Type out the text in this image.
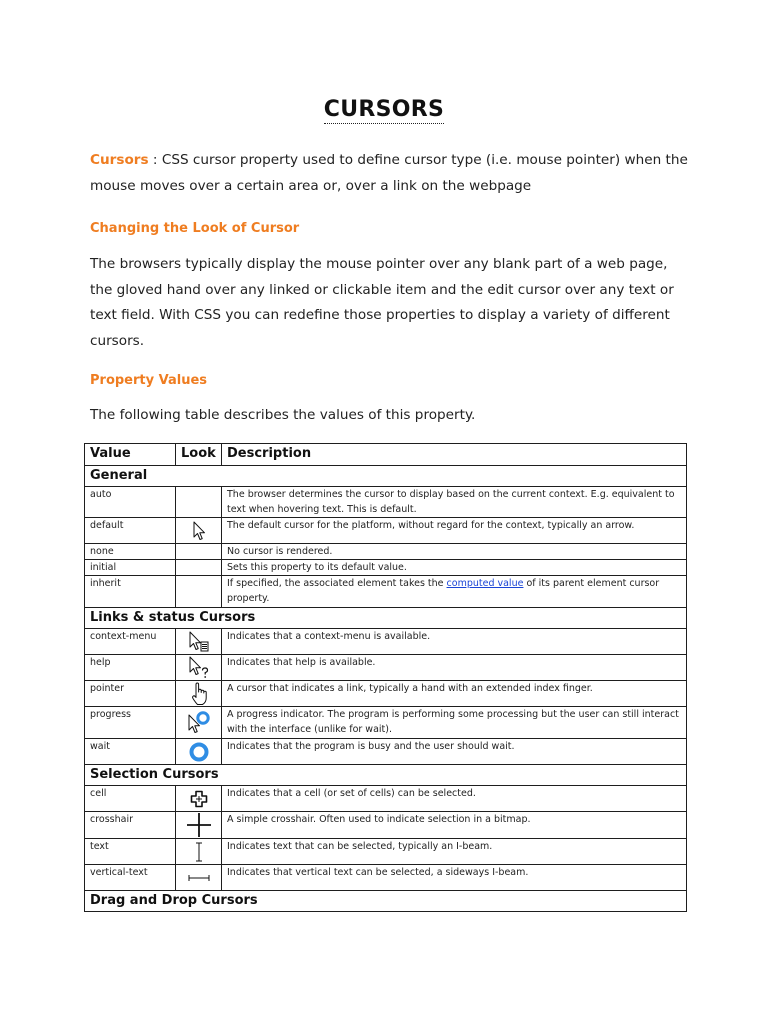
CURSORS
Cursors : CSS cursor property used to define cursor type (i.e. mouse pointer) when the mouse moves over a certain area or, over a link on the webpage
Changing the Look of Cursor
The browsers typically display the mouse pointer over any blank part of a web page, the gloved hand over any linked or clickable item and the edit cursor over any text or text field. With CSS you can redefine those properties to display a variety of different cursors.
Property Values
The following table describes the values of this property.
Value	Look	Description
General		
auto		The browser determines the cursor to display based on the current context. E.g. equivalent to text when hovering text. This is default.
default		The default cursor for the platform, without regard for the context, typically an arrow.
none		No cursor is rendered.
initial		Sets this property to its default value.
inherit		If specified, the associated element takes the computed value of its parent element cursor property.
Links & status Cursors		
context-menu		Indicates that a context-menu is available.
help		Indicates that help is available.
pointer		A cursor that indicates a link, typically a hand with an extended index finger.
progress		A progress indicator. The program is performing some processing but the user can still interact with the interface (unlike for wait).
wait		Indicates that the program is busy and the user should wait.
Selection Cursors		
cell		Indicates that a cell (or set of cells) can be selected.
crosshair		A simple crosshair. Often used to indicate selection in a bitmap.
text		Indicates text that can be selected, typically an I-beam.
vertical-text		Indicates that vertical text can be selected, a sideways I-beam.
Drag and Drop Cursors		
